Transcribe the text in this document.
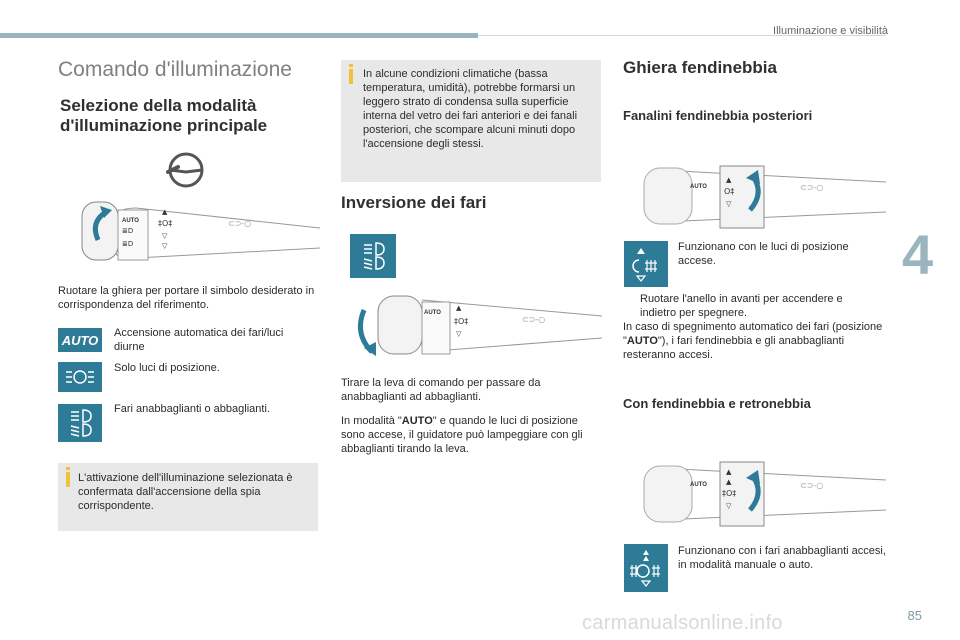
Illuminazione e visibilità
4
85
carmanualsonline.info
Comando d'illuminazione
Selezione della modalità d'illuminazione principale
AUTO
≣D
≣D
▲
‡O‡
▽
▽
⊂⊃-○
Ruotare la ghiera per portare il simbolo desiderato in corrispondenza del riferimento.
AUTO Accensione automatica dei fari/luci diurne
Solo luci di posizione.
Fari anabbaglianti o abbaglianti.
L'attivazione dell'illuminazione selezionata è confermata dall'accensione della spia corrispondente.
In alcune condizioni climatiche (bassa temperatura, umidità), potrebbe formarsi un leggero strato di condensa sulla superficie interna del vetro dei fari anteriori e dei fanali posteriori, che scompare alcuni minuti dopo l'accensione degli stessi.
Inversione dei fari
AUTO
▲
‡O‡
▽
⊂⊃-○
Tirare la leva di comando per passare da anabbaglianti ad abbaglianti.
In modalità "AUTO" e quando le luci di posizione sono accese, il guidatore può lampeggiare con gli abbaglianti tirando la leva.
Ghiera fendinebbia
Fanalini fendinebbia posteriori
AUTO
▲
O‡
▽
⊂⊃-○
Funzionano con le luci di posizione accese.
Ruotare l'anello in avanti per accendere e indietro per spegnere.
In caso di spegnimento automatico dei fari (posizione "AUTO"), i fari fendinebbia e gli anabbaglianti resteranno accesi.
Con fendinebbia e retronebbia
AUTO
▲
▲
‡O‡
▽
⊂⊃-○
Funzionano con i fari anabbaglianti accesi, in modalità manuale o auto.
